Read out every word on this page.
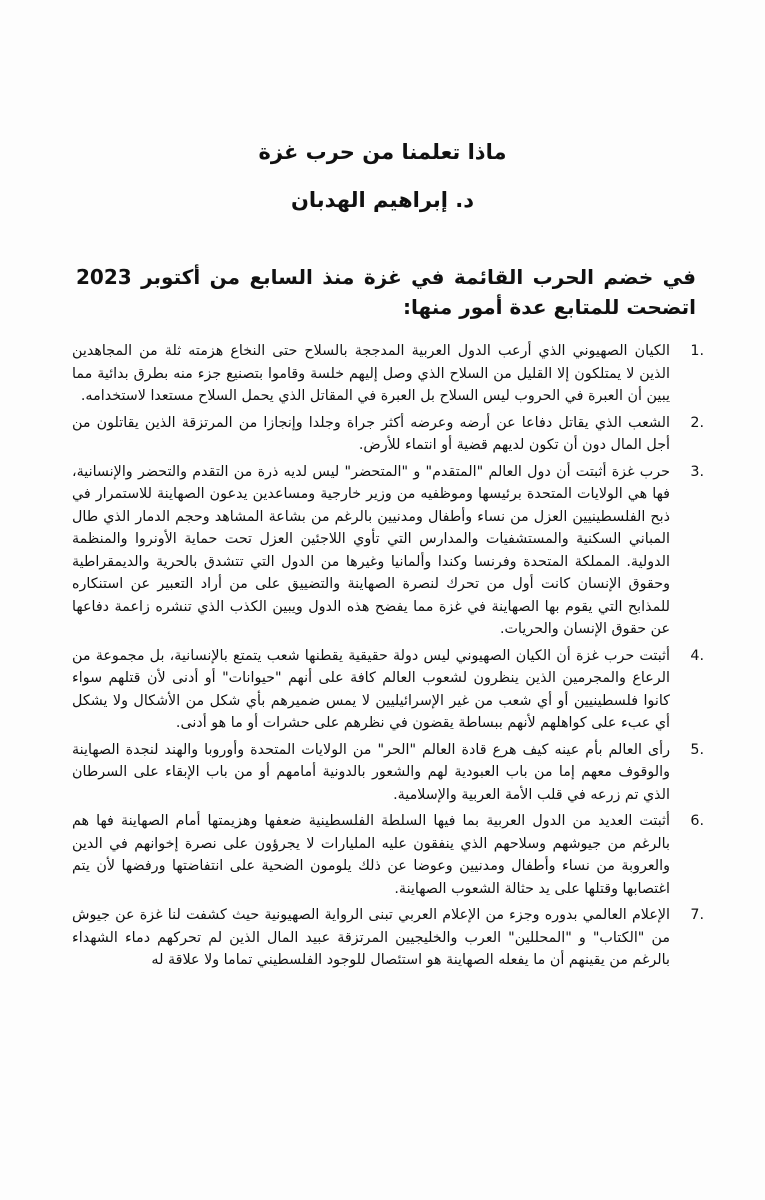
ماذا تعلمنا من حرب غزة
د. إبراهيم الهدبان
في خضم الحرب القائمة في غزة منذ السابع من أكتوبر 2023 اتضحت للمتابع عدة أمور منها:
1.
الكيان الصهيوني الذي أرعب الدول العربية المدججة بالسلاح حتى النخاع هزمته ثلة من المجاهدين الذين لا يمتلكون إلا القليل من السلاح الذي وصل إليهم خلسة وقاموا بتصنيع جزء منه بطرق بدائية مما يبين أن العبرة في الحروب ليس السلاح بل العبرة في المقاتل الذي يحمل السلاح مستعدا لاستخدامه.
2.
الشعب الذي يقاتل دفاعا عن أرضه وعرضه أكثر جراة وجلدا وإنجازا من المرتزقة الذين يقاتلون من أجل المال دون أن تكون لديهم قضية أو انتماء للأرض.
3.
حرب غزة أثبتت أن دول العالم "المتقدم" و "المتحضر" ليس لديه ذرة من التقدم والتحضر والإنسانية، فها هي الولايات المتحدة برئيسها وموظفيه من وزير خارجية ومساعدين يدعون الصهاينة للاستمرار في ذبح الفلسطينيين العزل من نساء وأطفال ومدنيين بالرغم من بشاعة المشاهد وحجم الدمار الذي طال المباني السكنية والمستشفيات والمدارس التي تأوي اللاجئين العزل تحت حماية الأونروا والمنظمة الدولية. المملكة المتحدة وفرنسا وكندا وألمانيا وغيرها من الدول التي تتشدق بالحرية والديمقراطية وحقوق الإنسان كانت أول من تحرك لنصرة الصهاينة والتضييق على من أراد التعبير عن استنكاره للمذابح التي يقوم بها الصهاينة في غزة مما يفضح هذه الدول ويبين الكذب الذي تنشره زاعمة دفاعها عن حقوق الإنسان والحريات.
4.
أثبتت حرب غزة أن الكيان الصهيوني ليس دولة حقيقية يقطنها شعب يتمتع بالإنسانية، بل مجموعة من الرعاع والمجرمين الذين ينظرون لشعوب العالم كافة على أنهم "حيوانات" أو أدنى لأن قتلهم سواء كانوا فلسطينيين أو أي شعب من غير الإسرائيليين لا يمس ضميرهم بأي شكل من الأشكال ولا يشكل أي عبء على كواهلهم لأنهم ببساطة يقضون في نظرهم على حشرات أو ما هو أدنى.
5.
رأى العالم بأم عينه كيف هرع قادة العالم "الحر" من الولايات المتحدة وأوروبا والهند لنجدة الصهاينة والوقوف معهم إما من باب العبودية لهم والشعور بالدونية أمامهم أو من باب الإبقاء على السرطان الذي تم زرعه في قلب الأمة العربية والإسلامية.
6.
أثبتت العديد من الدول العربية بما فيها السلطة الفلسطينية ضعفها وهزيمتها أمام الصهاينة فها هم بالرغم من جيوشهم وسلاحهم الذي ينفقون عليه المليارات لا يجرؤون على نصرة إخوانهم في الدين والعروبة من نساء وأطفال ومدنيين وعوضا عن ذلك يلومون الضحية على انتفاضتها ورفضها لأن يتم اغتصابها وقتلها على يد حثالة الشعوب الصهاينة.
7.
الإعلام العالمي بدوره وجزء من الإعلام العربي تبنى الرواية الصهيونية حيث كشفت لنا غزة عن جيوش من "الكتاب" و "المحللين" العرب والخليجيين المرتزقة عبيد المال الذين لم تحركهم دماء الشهداء بالرغم من يقينهم أن ما يفعله الصهاينة هو استئصال للوجود الفلسطيني تماما ولا علاقة له
